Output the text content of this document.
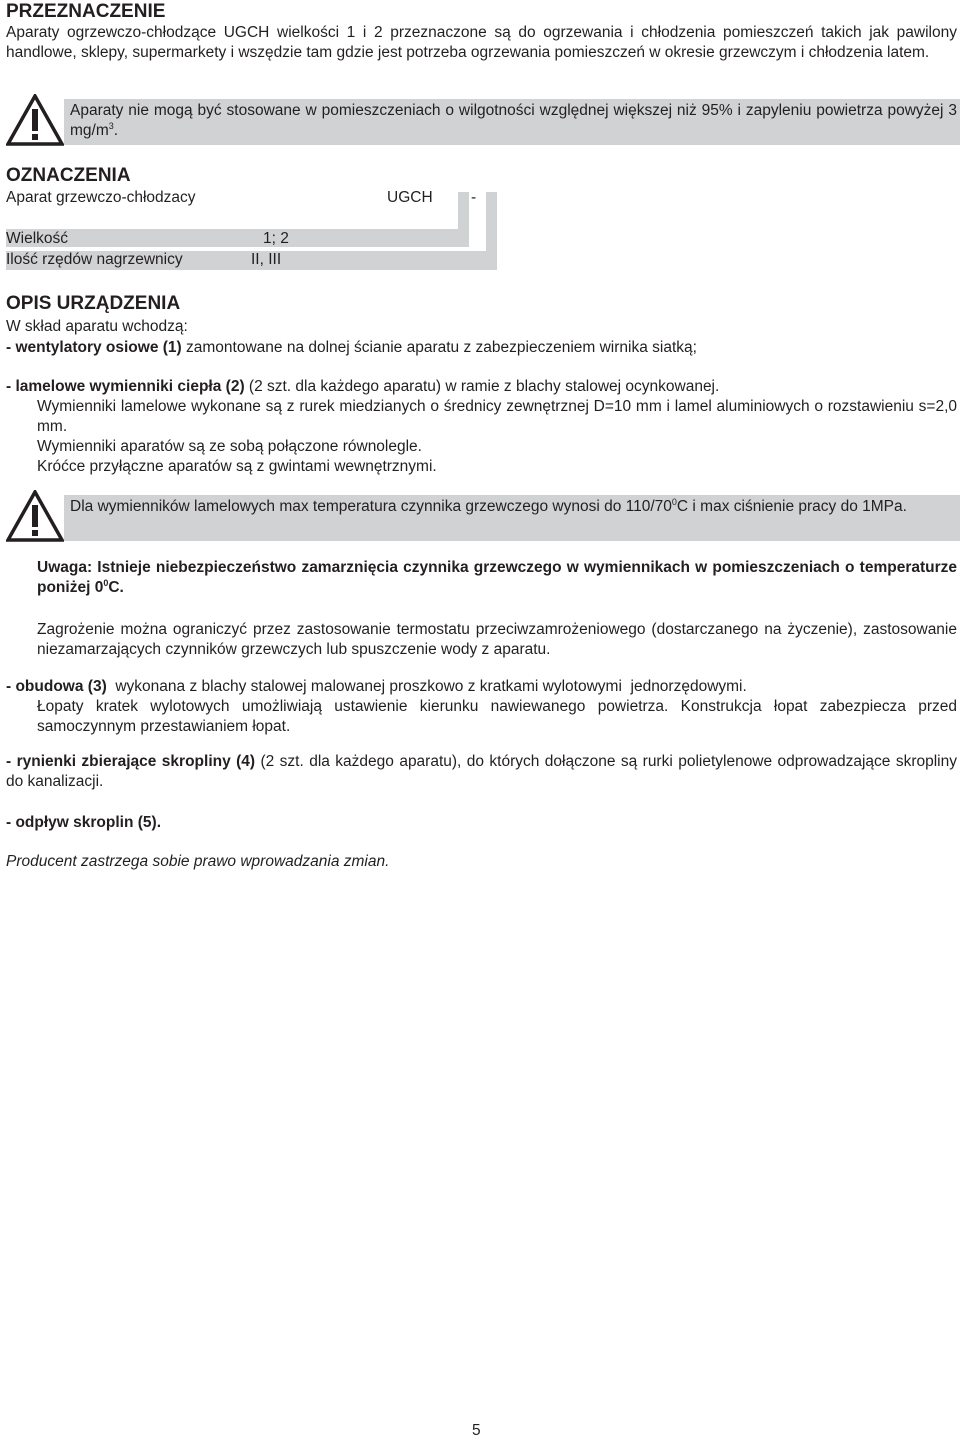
PRZEZNACZENIE

Aparaty ogrzewczo-chłodzące UGCH wielkości 1 i 2 przeznaczone są do ogrzewania i chłodzenia pomieszczeń takich jak pawilony handlowe, sklepy, supermarkety i wszędzie tam gdzie jest potrzeba ogrzewania pomieszczeń w okresie grzewczym i chłodzenia latem.

Aparaty nie mogą być stosowane w pomieszczeniach o wilgotności względnej większej niż 95% i zapyleniu powietrza powyżej 3 $mg/m^3$.

OZNACZENIA
Aparat grzewczo-chłodzacy	UGCH -
Wielkość	1; 2
Ilość rzędów nagrzewnicy	II, III
OPIS URZĄDZENIA

W skład aparatu wchodzą:

- wentylatory osiowe (1) zamontowane na dolnej ścianie aparatu z zabezpieczeniem wirnika siatką;

- lamelowe wymienniki ciepła (2) (2 szt. dla każdego aparatu) w ramie z blachy stalowej ocynkowanej.

Wymienniki lamelowe wykonane są z rurek miedzianych o średnicy zewnętrznej D=10 mm i lamel aluminiowych o rozstawieniu s=2,0 mm.

Wymienniki aparatów są ze sobą połączone równolegle.

Króćce przyłączne aparatów są z gwintami wewnętrznymi.

Dla wymienników lamelowych max temperatura czynnika grzewczego wynosi do $110/70^0C$ i max ciśnienie pracy do 1MPa.

Uwaga: Istnieje niebezpieczeństwo zamarznięcia czynnika grzewczego w wymiennikach w pomieszczeniach o temperaturze poniżej $0^0C$.

Zagrożenie można ograniczyć przez zastosowanie termostatu przeciwzamrożeniowego (dostarczanego na życzenie), zastosowanie niezamarzających czynników grzewczych lub spuszczenie wody z aparatu.

- obudowa (3)  wykonana z blachy stalowej malowanej proszkowo z kratkami wylotowymi  jednorzędowymi.

Łopaty kratek wylotowych umożliwiają ustawienie kierunku nawiewanego powietrza. Konstrukcja łopat zabezpiecza przed samoczynnym przestawianiem łopat.

- rynienki zbierające skropliny (4) (2 szt. dla każdego aparatu), do których dołączone są rurki polietylenowe odprowadzające skropliny do kanalizacji.

- odpływ skroplin (5).

Producent zastrzega sobie prawo wprowadzania zmian.

5
